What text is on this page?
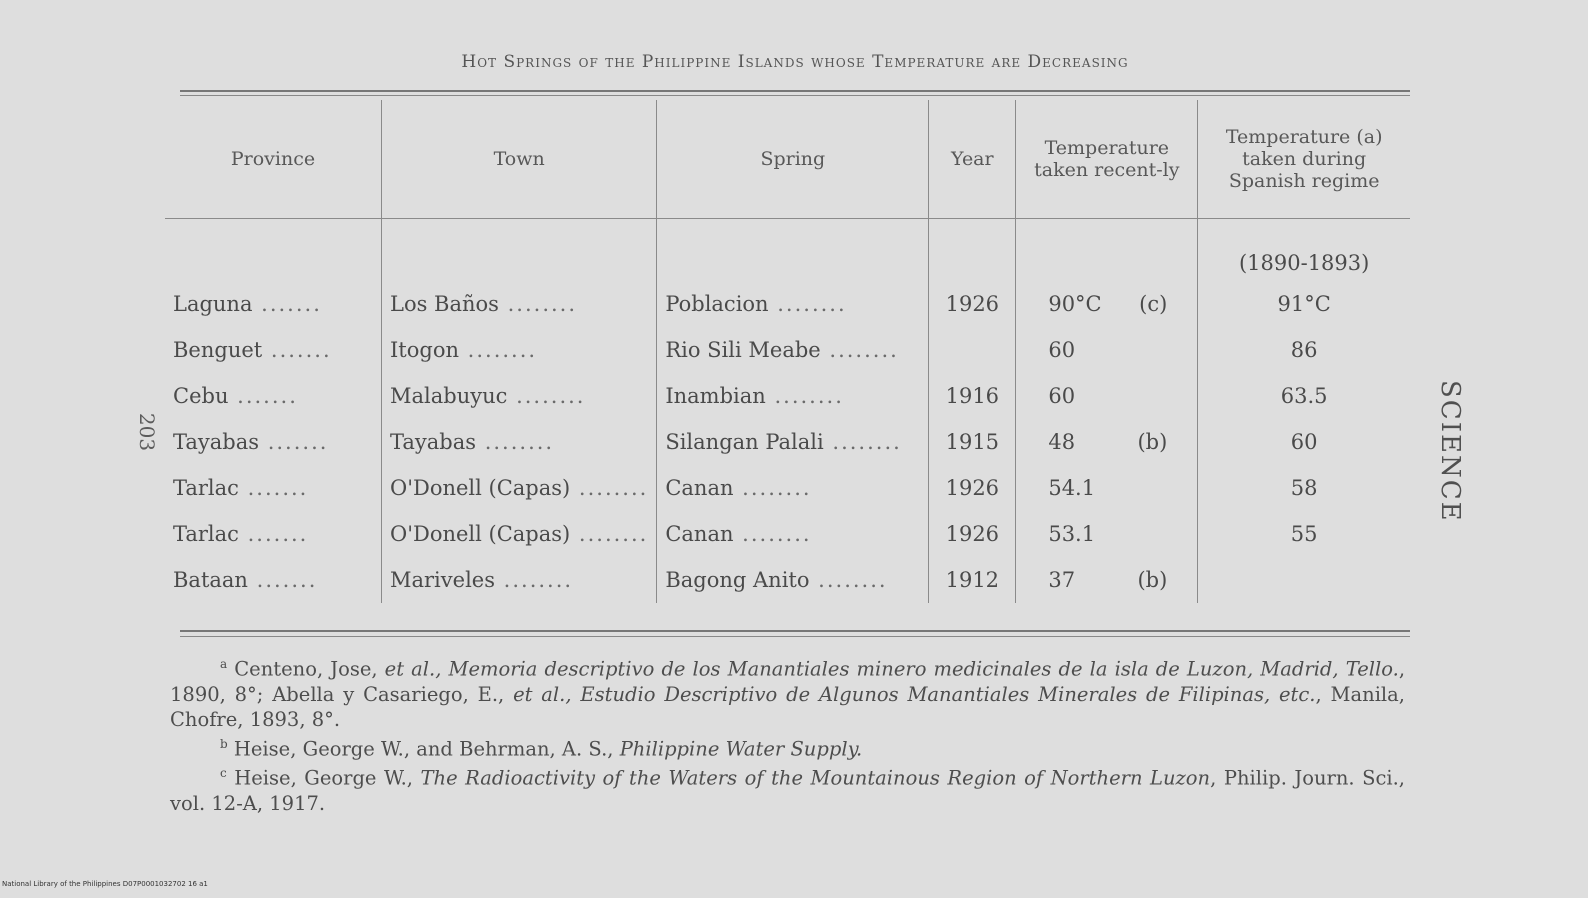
203	SCIENCE
Hot Springs of the Philippine Islands whose Temperature are Decreasing
Province	Town	Spring	Year	Temperature taken recent-ly	Temperature (a) taken during Spanish regime
					(1890-1893)
Laguna .......	Los Baños ........	Poblacion ........	1926	90°C (c)	91°C
Benguet .......	Itogon ........	Rio Sili Meabe ........		60	86
Cebu .......	Malabuyuc ........	Inambian ........	1916	60	63.5
Tayabas .......	Tayabas ........	Silangan Palali ........	1915	48 (b)	60
Tarlac .......	O'Donell (Capas) ........	Canan ........	1926	54.1	58
Tarlac .......	O'Donell (Capas) ........	Canan ........	1926	53.1	55
Bataan .......	Mariveles ........	Bagong Anito ........	1912	37 (b)	

$^a$ Centeno, Jose, et al., Memoria descriptivo de los Manantiales minero medicinales de la isla de Luzon, Madrid, Tello., 1890, 8°; Abella y Casariego, E., et al., Estudio Descriptivo de Algunos Manantiales Minerales de Filipinas, etc., Manila, Chofre, 1893, 8°.

$^b$ Heise, George W., and Behrman, A. S., Philippine Water Supply.

$^c$ Heise, George W., The Radioactivity of the Waters of the Mountainous Region of Northern Luzon, Philip. Journ. Sci., vol. 12-A, 1917.

National Library of the Philippines D07P0001032702 16 a1
